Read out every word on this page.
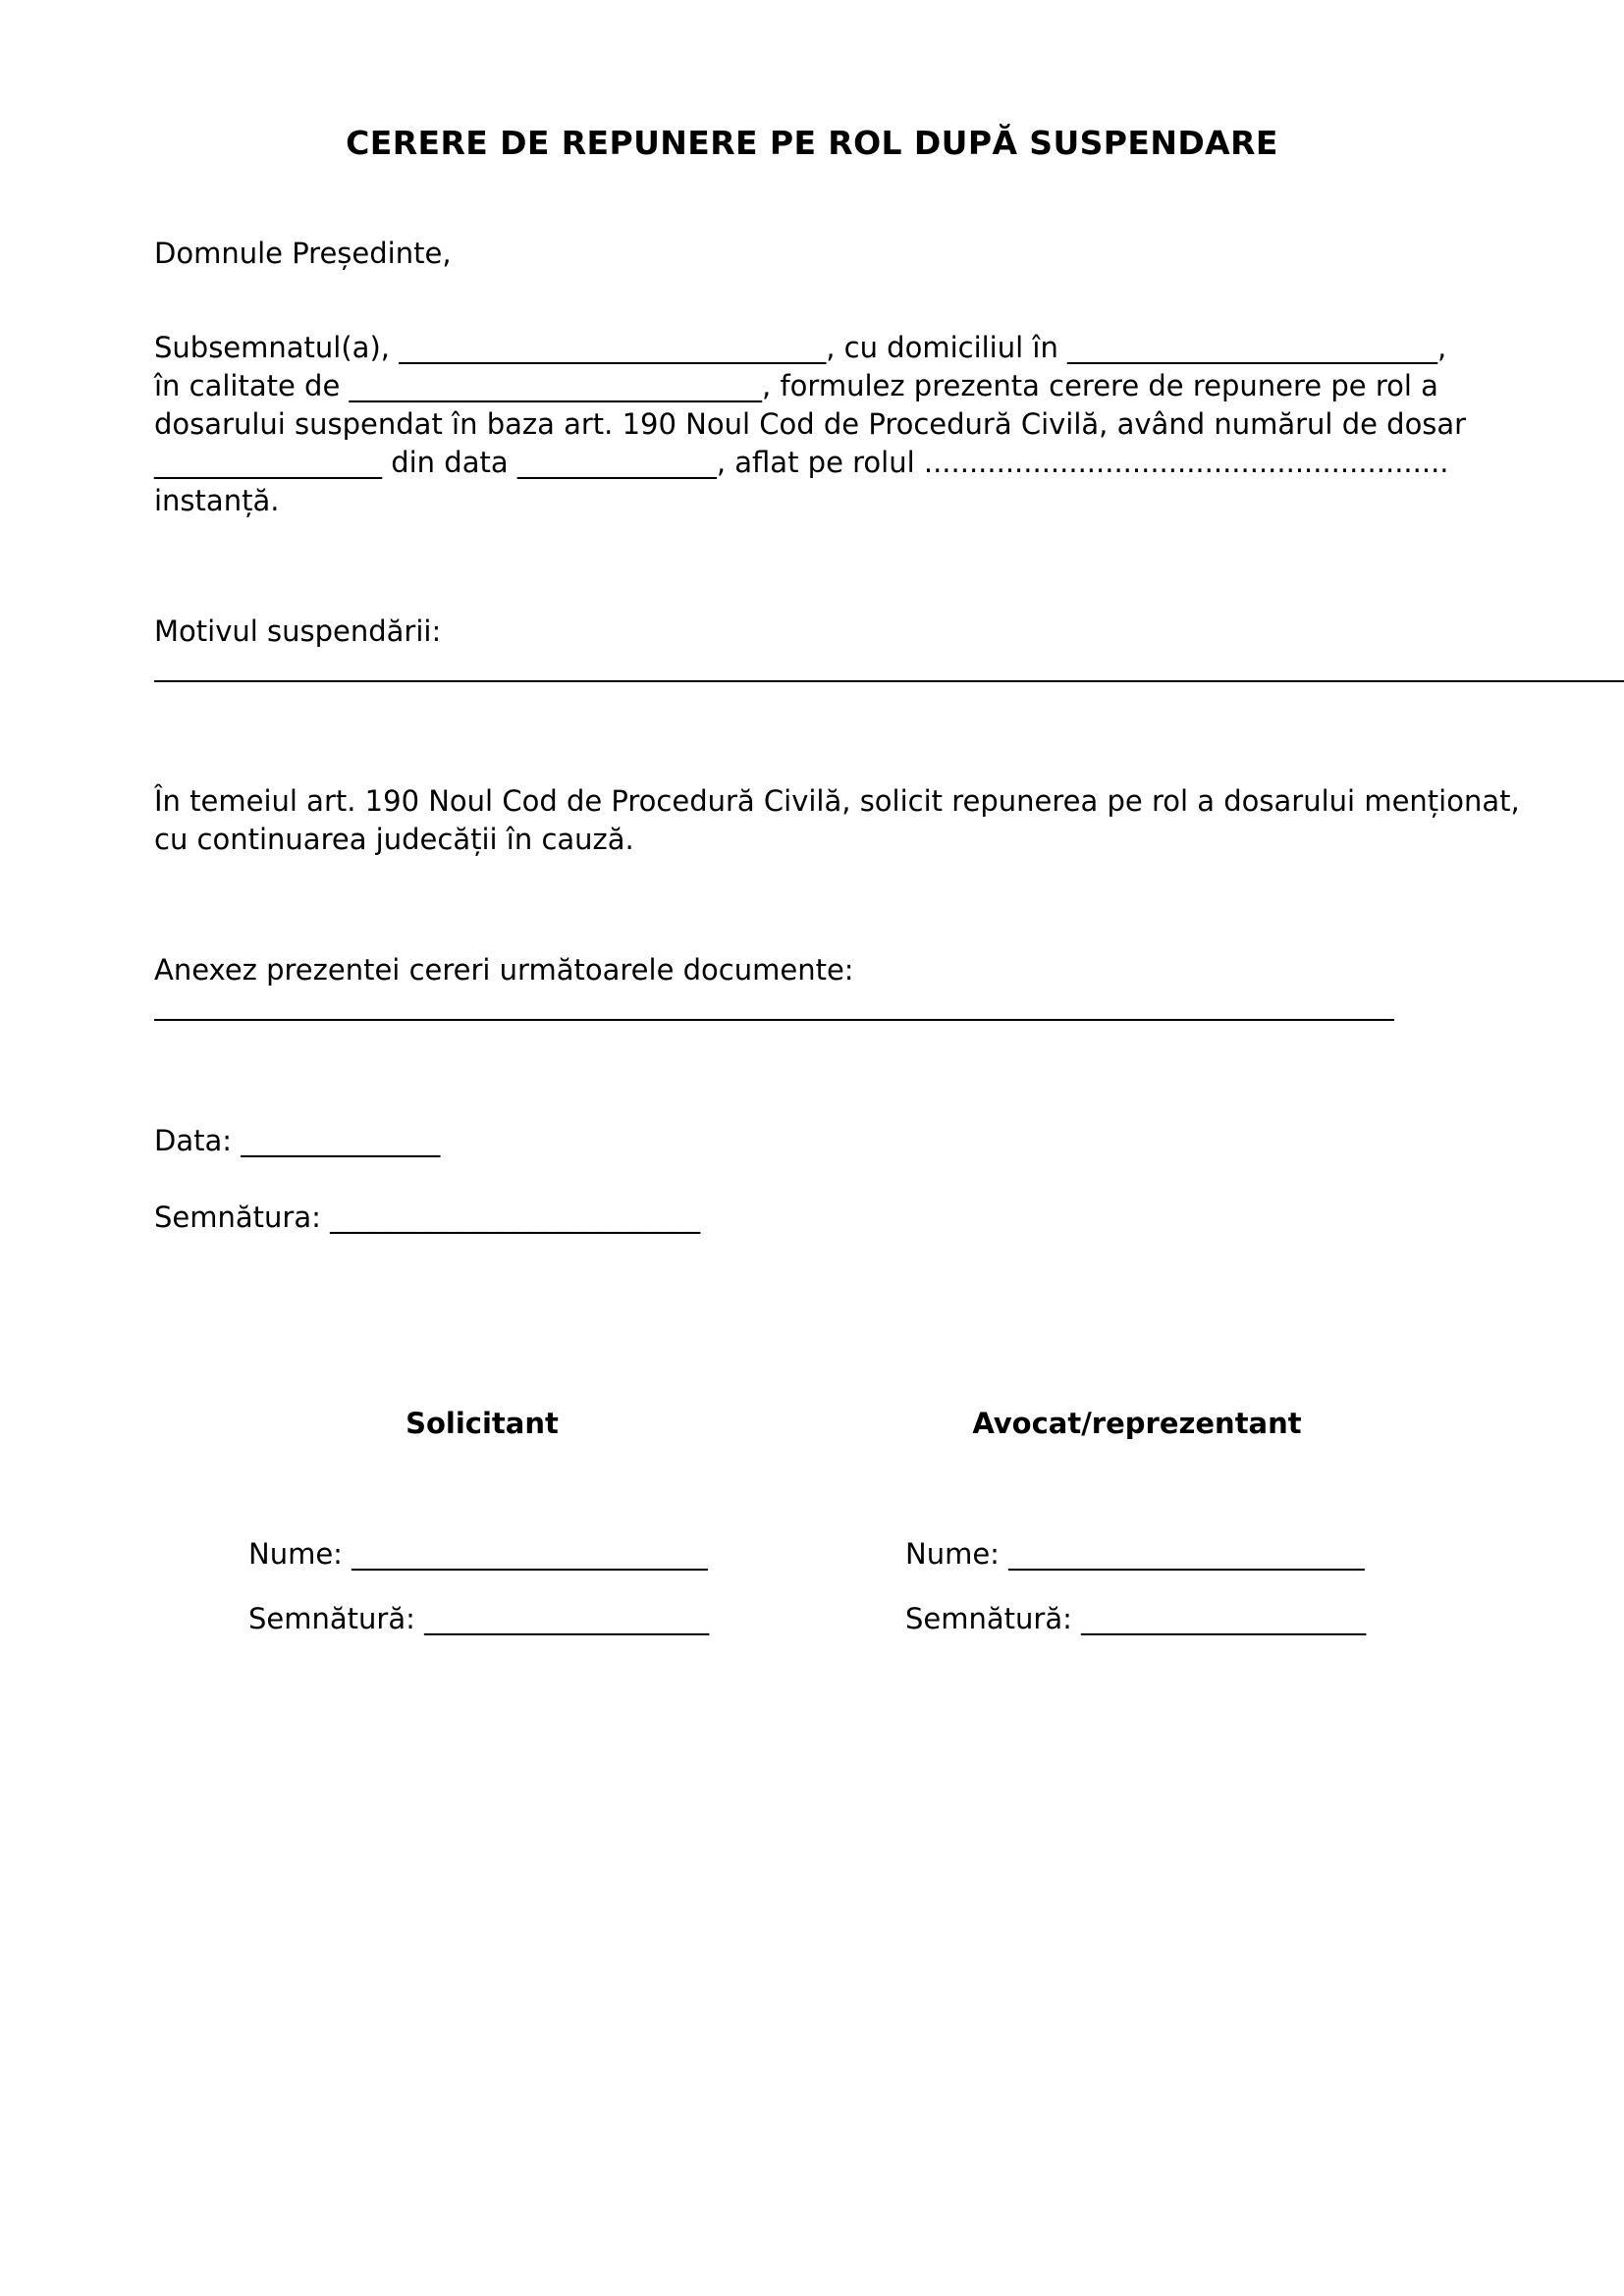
CERERE DE REPUNERE PE ROL DUPĂ SUSPENDARE
Domnule Președinte,
Subsemnatul(a), ______________________________, cu domiciliul în __________________________,
în calitate de _____________________________, formulez prezenta cerere de repunere pe rol a
dosarului suspendat în baza art. 190 Noul Cod de Procedură Civilă, având numărul de dosar
________________ din data ______________, aflat pe rolul ..........................................................
instanță.
Motivul suspendării:
În temeiul art. 190 Noul Cod de Procedură Civilă, solicit repunerea pe rol a dosarului menționat,
cu continuarea judecății în cauză.
Anexez prezentei cereri următoarele documente:
Data: ______________
Semnătura: __________________________
Solicitant	Avocat/reprezentant
Nume: _________________________	Nume: _________________________
Semnătură: ____________________	Semnătură: ____________________
